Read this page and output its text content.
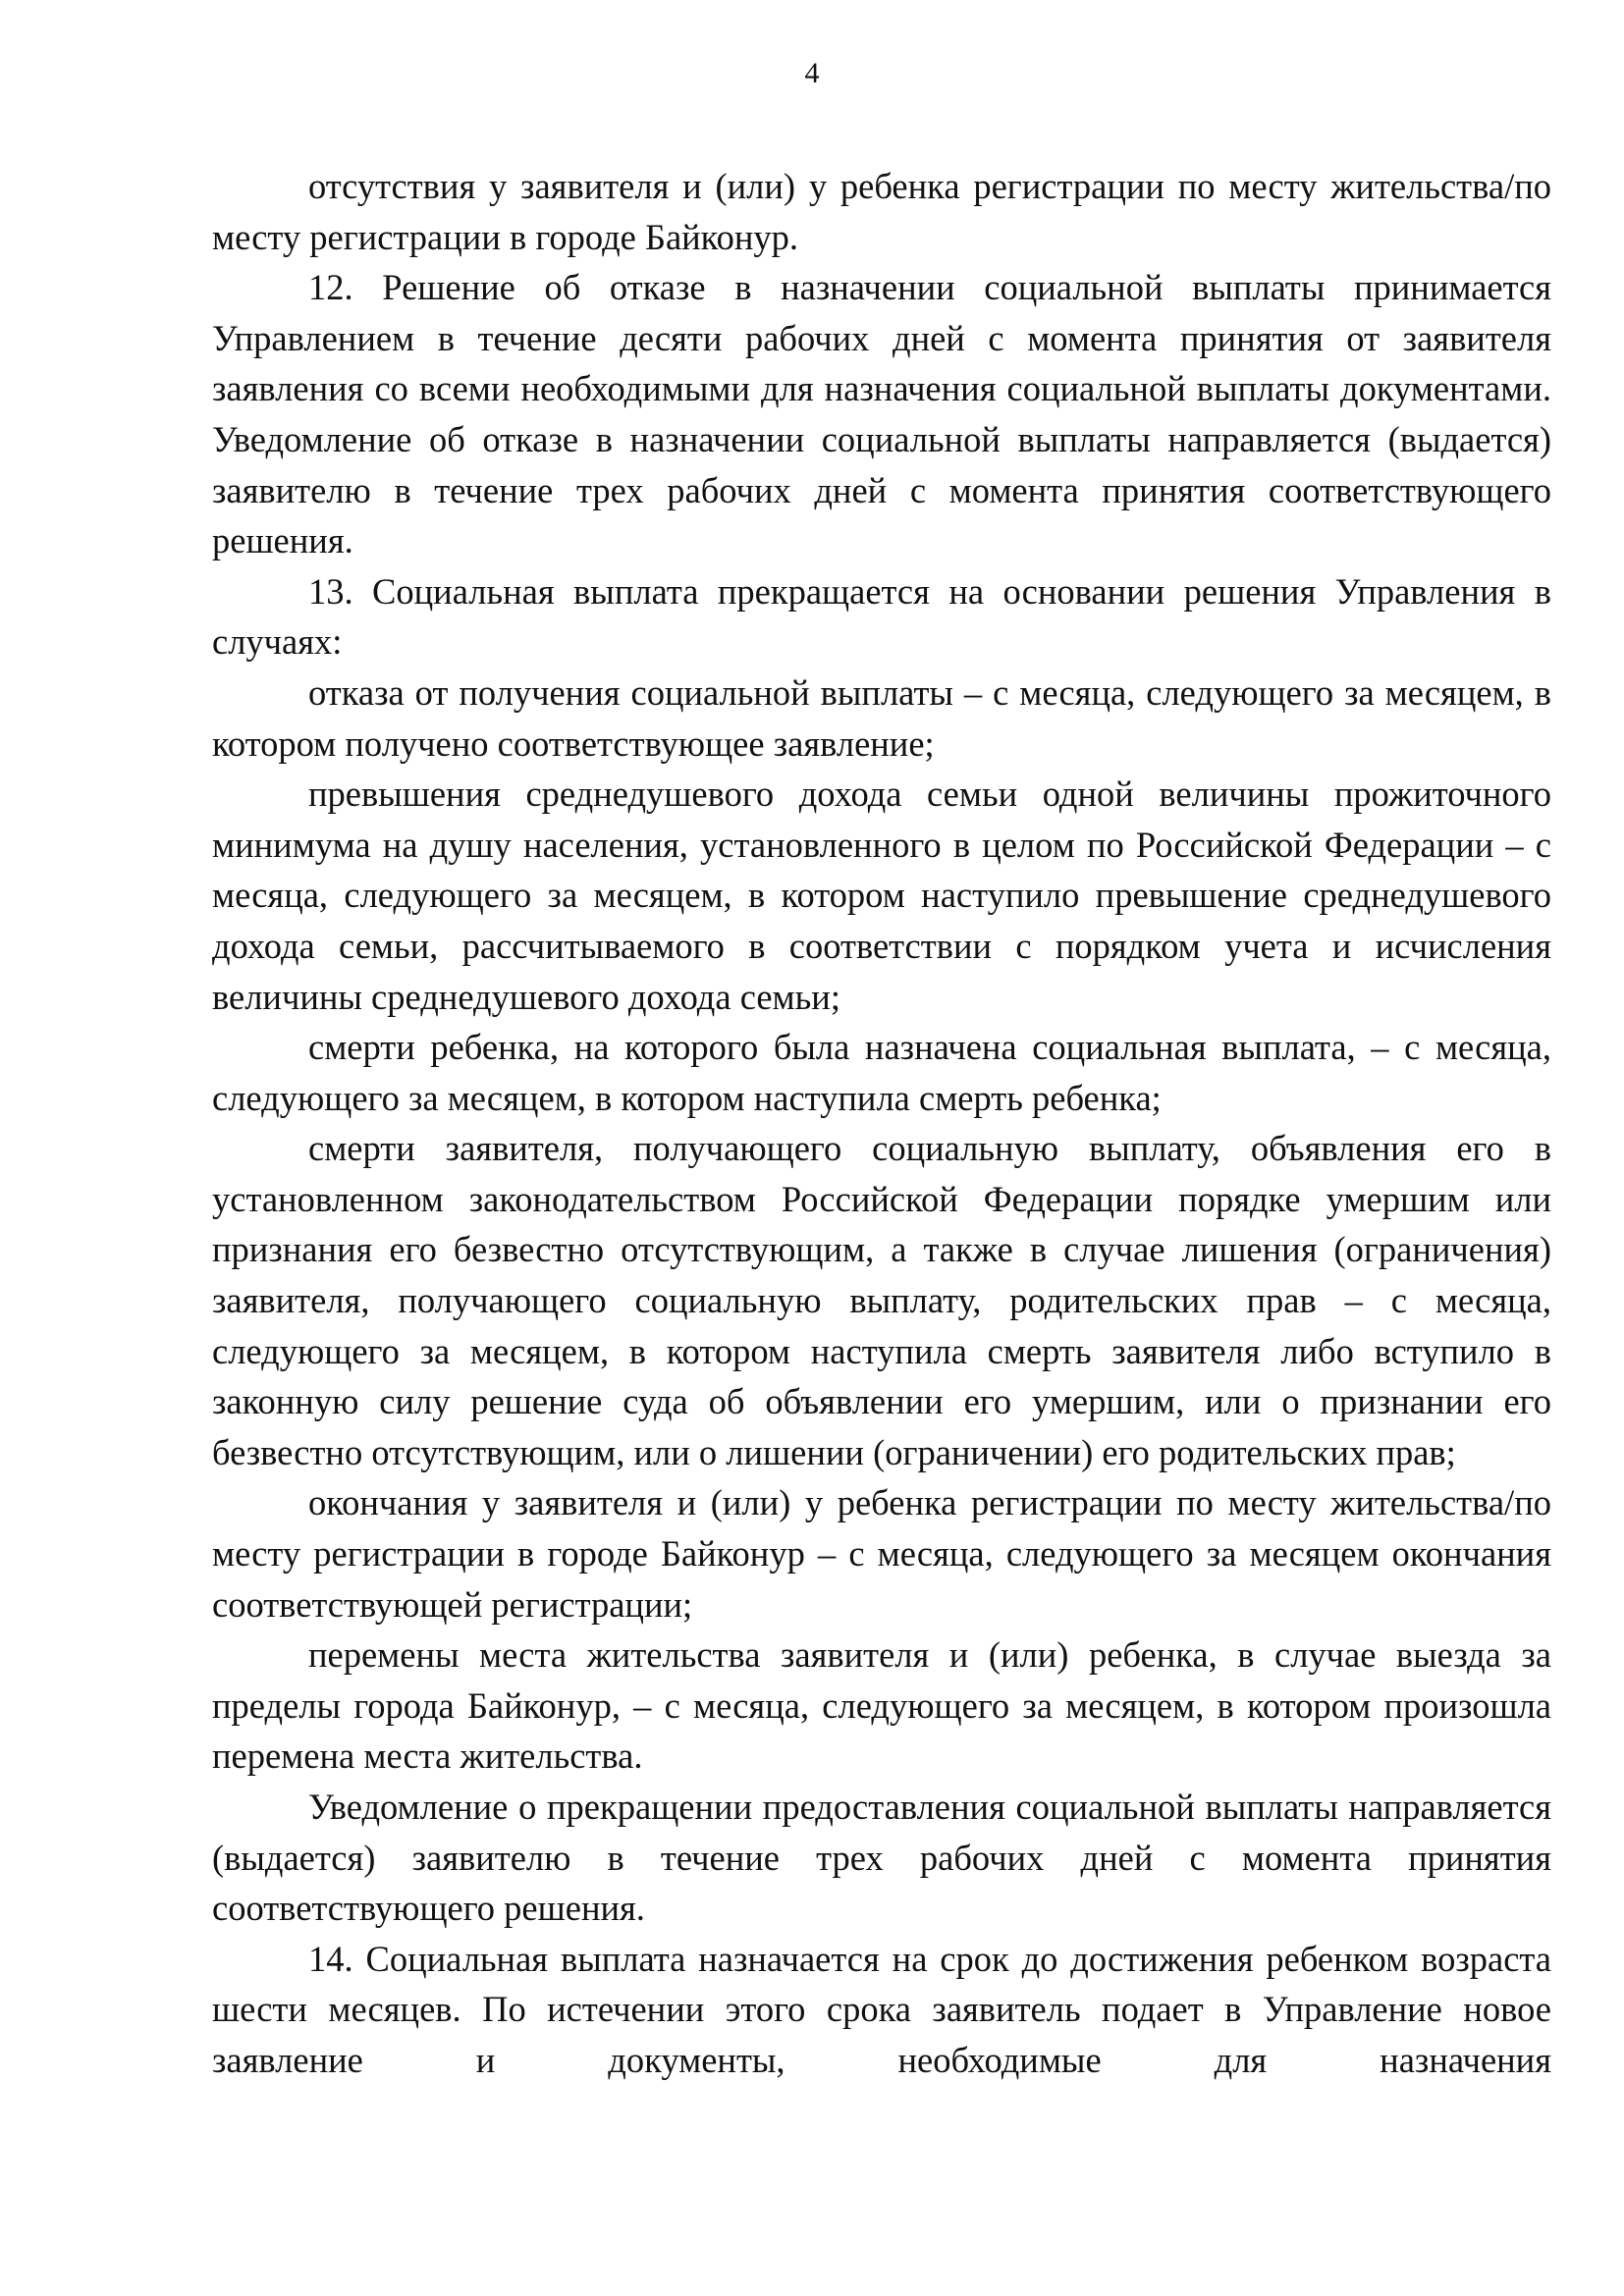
4

отсутствия у заявителя и (или) у ребенка регистрации по месту жительства/по месту регистрации в городе Байконур.

12. Решение об отказе в назначении социальной выплаты принимается Управлением в течение десяти рабочих дней с момента принятия от заявителя заявления со всеми необходимыми для назначения социальной выплаты документами. Уведомление об отказе в назначении социальной выплаты направляется (выдается) заявителю в течение трех рабочих дней с момента принятия соответствующего решения.

13. Социальная выплата прекращается на основании решения Управления в случаях:

отказа от получения социальной выплаты – с месяца, следующего за месяцем, в котором получено соответствующее заявление;

превышения среднедушевого дохода семьи одной величины прожиточного минимума на душу населения, установленного в целом по Российской Федерации – с месяца, следующего за месяцем, в котором наступило превышение среднедушевого дохода семьи, рассчитываемого в соответствии с порядком учета и исчисления величины среднедушевого дохода семьи;

смерти ребенка, на которого была назначена социальная выплата, – с месяца, следующего за месяцем, в котором наступила смерть ребенка;

смерти заявителя, получающего социальную выплату, объявления его в установленном законодательством Российской Федерации порядке умершим или признания его безвестно отсутствующим, а также в случае лишения (ограничения) заявителя, получающего социальную выплату, родительских прав – с месяца, следующего за месяцем, в котором наступила смерть заявителя либо вступило в законную силу решение суда об объявлении его умершим, или о признании его безвестно отсутствующим, или о лишении (ограничении) его родительских прав;

окончания у заявителя и (или) у ребенка регистрации по месту жительства/по месту регистрации в городе Байконур – с месяца, следующего за месяцем окончания соответствующей регистрации;

перемены места жительства заявителя и (или) ребенка, в случае выезда за пределы города Байконур, – с месяца, следующего за месяцем, в котором произошла перемена места жительства.

Уведомление о прекращении предоставления социальной выплаты направляется (выдается) заявителю в течение трех рабочих дней с момента принятия соответствующего решения.

14. Социальная выплата назначается на срок до достижения ребенком возраста шести месяцев. По истечении этого срока заявитель подает в Управление новое заявление и документы, необходимые для назначения
